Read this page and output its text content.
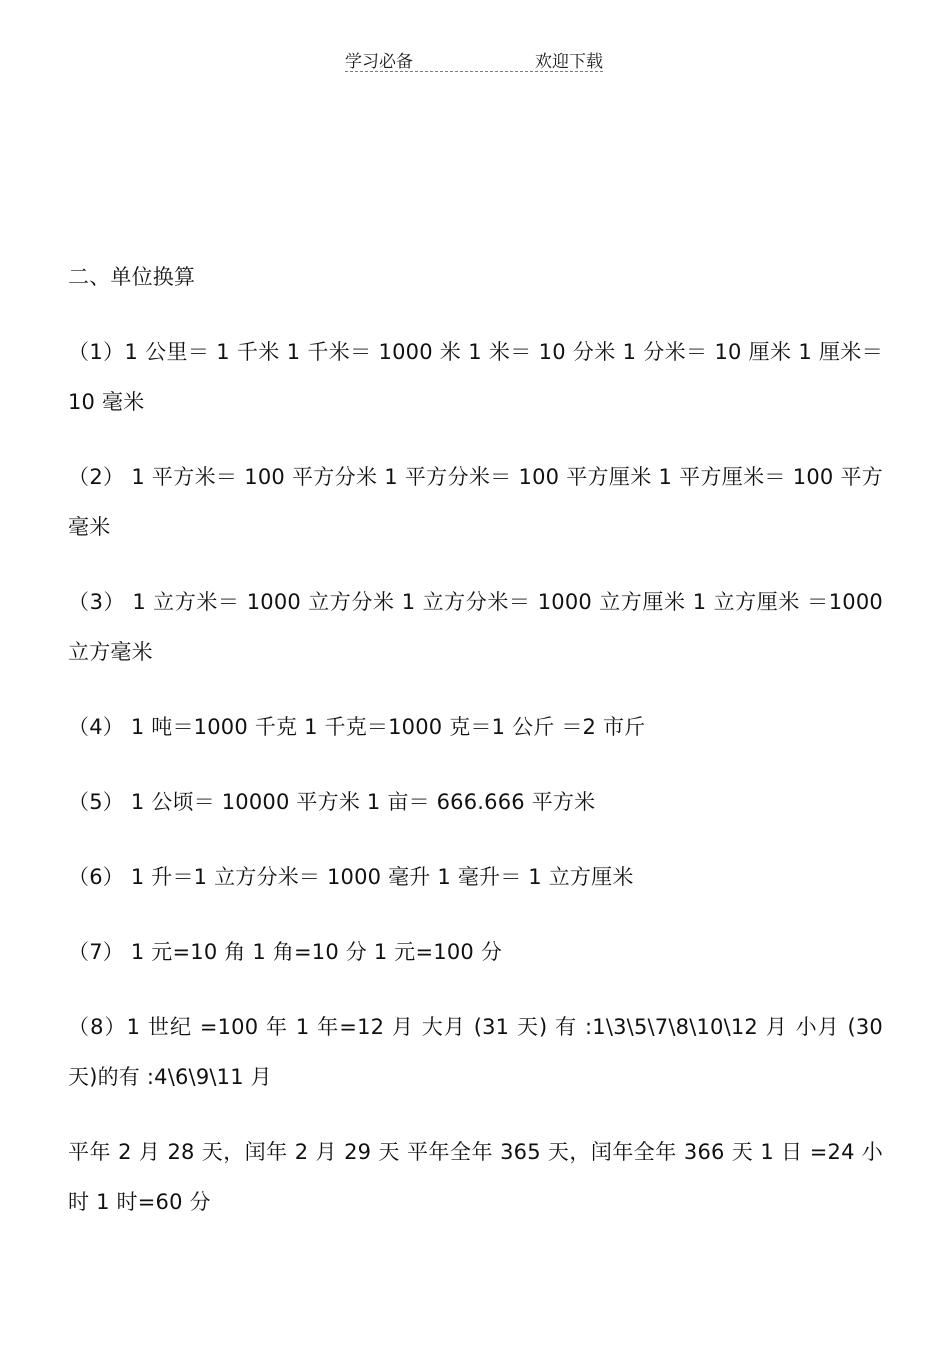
学习必备	欢迎下载

二、单位换算

（1）1 公里＝ 1 千米 1 千米＝ 1000 米 1 米＝ 10 分米 1 分米＝ 10 厘米 1 厘米＝ 10 毫米

（2） 1 平方米＝ 100 平方分米 1 平方分米＝ 100 平方厘米 1 平方厘米＝ 100 平方毫米

（3） 1 立方米＝ 1000 立方分米 1 立方分米＝ 1000 立方厘米 1 立方厘米 ＝1000 立方毫米

（4） 1 吨＝1000 千克 1 千克＝1000 克＝1 公斤 ＝2 市斤

（5） 1 公顷＝ 10000 平方米 1 亩＝ 666.666 平方米

（6） 1 升＝1 立方分米＝ 1000 毫升 1 毫升＝ 1 立方厘米

（7） 1 元=10 角 1 角=10 分 1 元=100 分

（8）1 世纪 =100 年 1 年=12 月 大月 (31 天) 有 :1\3\5\7\8\10\12 月 小月 (30 天)的有 :4\6\9\11 月

平年 2 月 28 天，闰年 2 月 29 天 平年全年 365 天，闰年全年 366 天 1 日 =24 小时 1 时=60 分
